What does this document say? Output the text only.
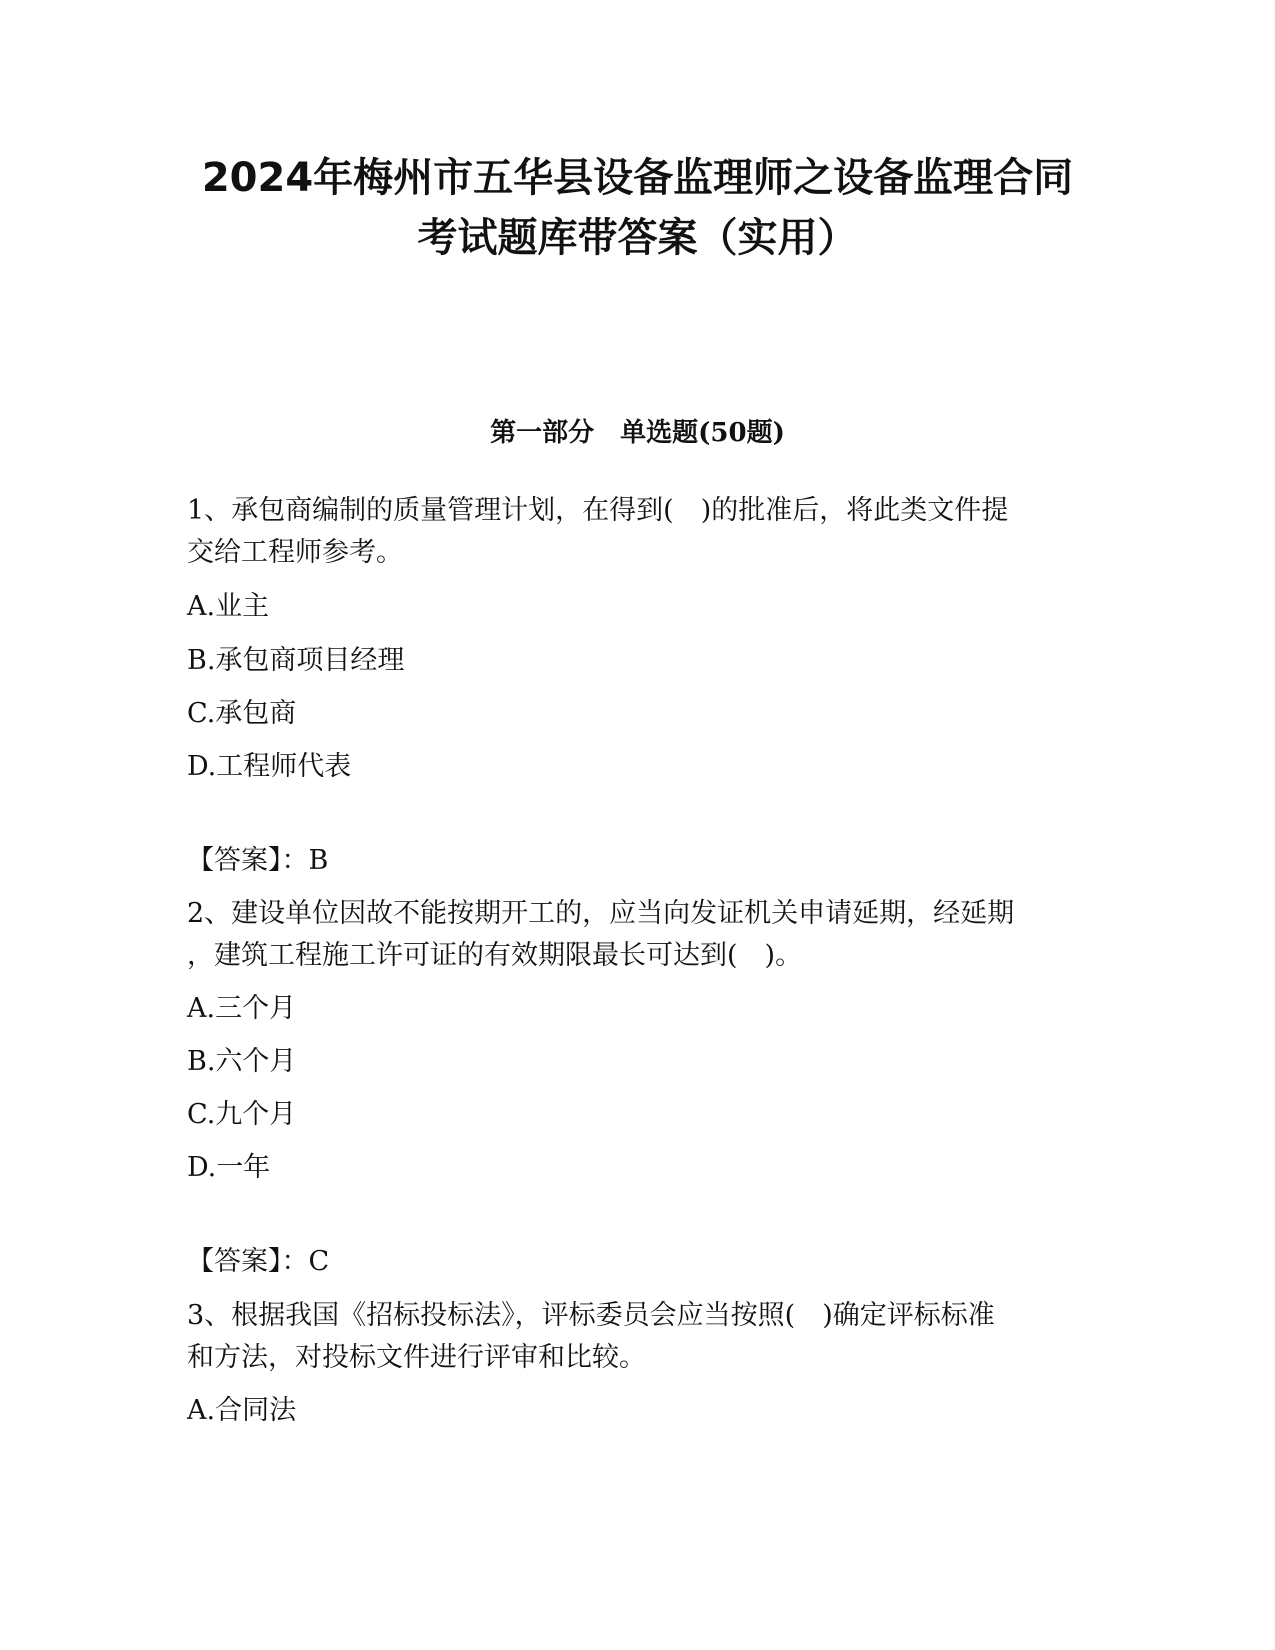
2024年梅州市五华县设备监理师之设备监理合同
考试题库带答案（实用）
第一部分　单选题(50题)

1、承包商编制的质量管理计划，在得到(　)的批准后，将此类文件提

交给工程师参考。

A.业主

B.承包商项目经理

C.承包商

D.工程师代表

【答案】：B

2、建设单位因故不能按期开工的，应当向发证机关申请延期，经延期

，建筑工程施工许可证的有效期限最长可达到(　)。

A.三个月

B.六个月

C.九个月

D.一年

【答案】：C

3、根据我国《招标投标法》，评标委员会应当按照(　)确定评标标准

和方法，对投标文件进行评审和比较。

A.合同法
